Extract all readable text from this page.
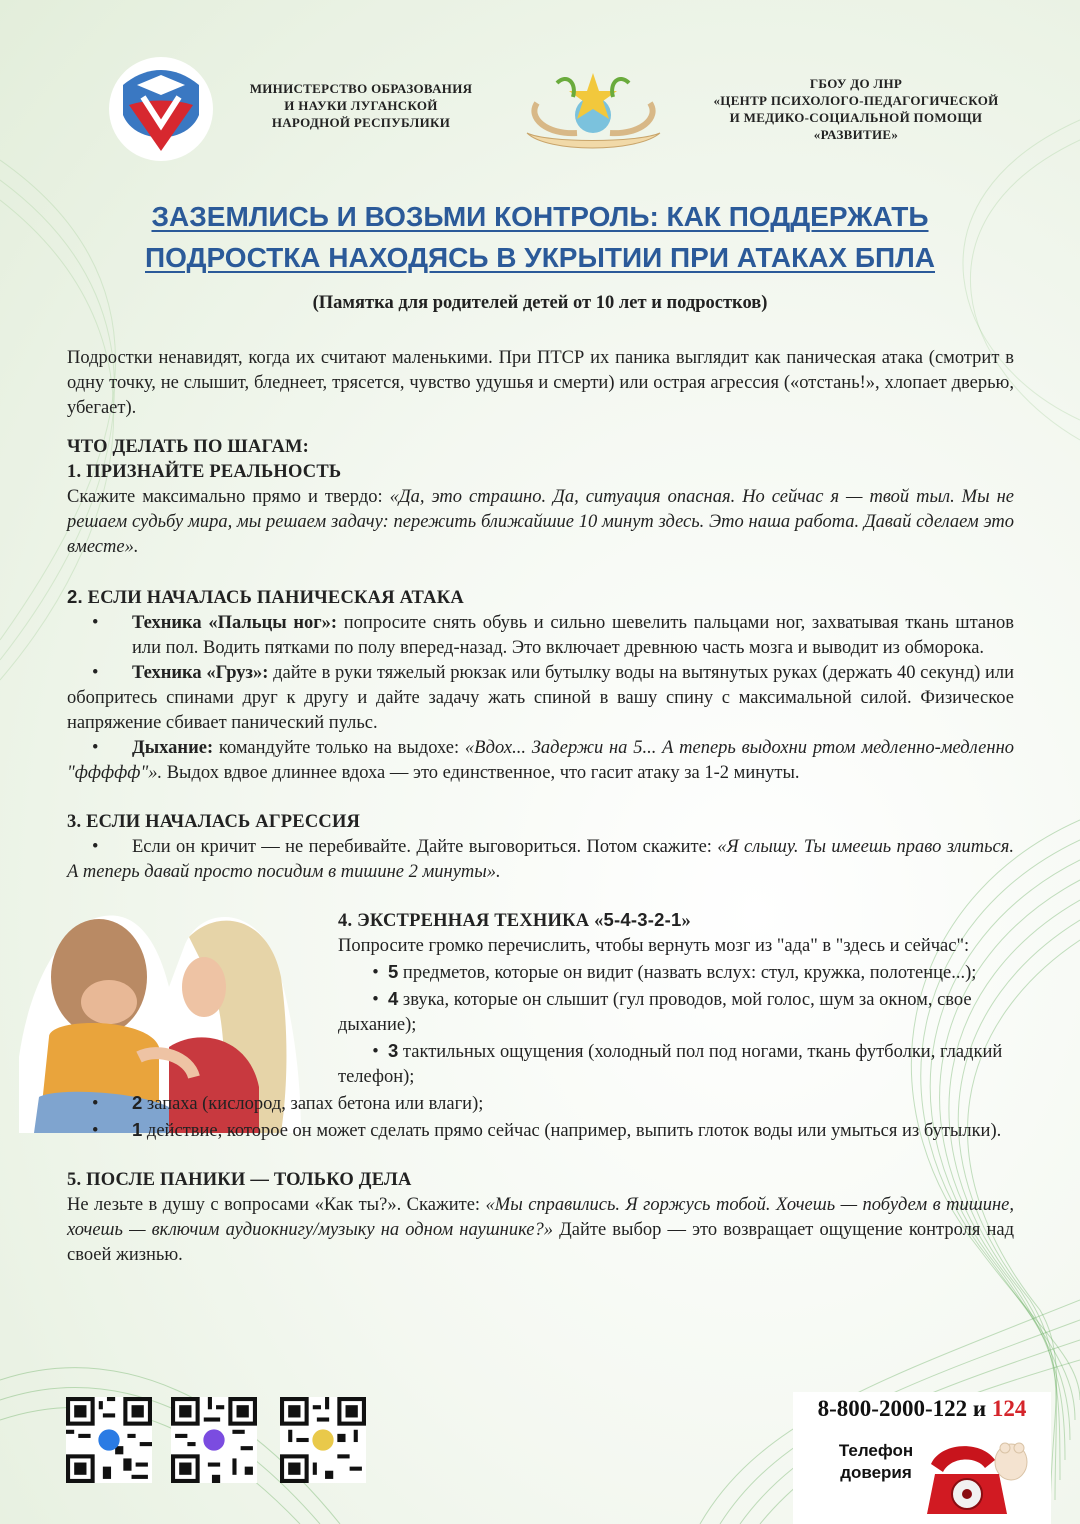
МИНИСТЕРСТВО ОБРАЗОВАНИЯ
И НАУКИ ЛУГАНСКОЙ
НАРОДНОЙ РЕСПУБЛИКИ
ГБОУ ДО ЛНР
«ЦЕНТР ПСИХОЛОГО-ПЕДАГОГИЧЕСКОЙ
И МЕДИКО-СОЦИАЛЬНОЙ ПОМОЩИ
«РАЗВИТИЕ»
ЗАЗЕМЛИСЬ И ВОЗЬМИ КОНТРОЛЬ: КАК ПОДДЕРЖАТЬ
ПОДРОСТКА НАХОДЯСЬ В УКРЫТИИ ПРИ АТАКАХ БПЛА
(Памятка для родителей детей от 10 лет и подростков)

Подростки ненавидят, когда их считают маленькими. При ПТСР их паника выглядит как паническая атака (смотрит в одну точку, не слышит, бледнеет, трясется, чувство удушья и смерти) или острая агрессия («отстань!», хлопает дверью, убегает).

ЧТО ДЕЛАТЬ ПО ШАГАМ:

1. ПРИЗНАЙТЕ РЕАЛЬНОСТЬ

Скажите максимально прямо и твердо: «Да, это страшно. Да, ситуация опасная. Но сейчас я — твой тыл. Мы не решаем судьбу мира, мы решаем задачу: пережить ближайшие 10 минут здесь. Это наша работа. Давай сделаем это вместе».

2. ЕСЛИ НАЧАЛАСЬ ПАНИЧЕСКАЯ АТАКА

• Техника «Пальцы ног»: попросите снять обувь и сильно шевелить пальцами ног, захватывая ткань штанов или пол. Водить пятками по полу вперед-назад. Это включает древнюю часть мозга и выводит из обморока.
• Техника «Груз»: дайте в руки тяжелый рюкзак или бутылку воды на вытянутых руках (держать 40 секунд) или обопритесь спинами друг к другу и дайте задачу жать спиной в вашу спину с максимальной силой. Физическое напряжение сбивает панический пульс.
• Дыхание: командуйте только на выдохе: «Вдох... Задержи на 5... А теперь выдохни ртом медленно-медленно "ффффф"». Выдох вдвое длиннее вдоха — это единственное, что гасит атаку за 1-2 минуты.

3. ЕСЛИ НАЧАЛАСЬ АГРЕССИЯ

• Если он кричит — не перебивайте. Дайте выговориться. Потом скажите: «Я слышу. Ты имеешь право злиться. А теперь давай просто посидим в тишине 2 минуты».

4. ЭКСТРЕННАЯ ТЕХНИКА «5-4-3-2-1»

Попросите громко перечислить, чтобы вернуть мозг из "ада" в "здесь и сейчас":

• 5 предметов, которые он видит (назвать вслух: стул, кружка, полотенце...);
• 4 звука, которые он слышит (гул проводов, мой голос, шум за окном, свое дыхание);
• 3 тактильных ощущения (холодный пол под ногами, ткань футболки, гладкий телефон);
• 2 запаха (кислород, запах бетона или влаги);
• 1 действие, которое он может сделать прямо сейчас (например, выпить глоток воды или умыться из бутылки).

5. ПОСЛЕ ПАНИКИ — ТОЛЬКО ДЕЛА

Не лезьте в душу с вопросами «Как ты?». Скажите: «Мы справились. Я горжусь тобой. Хочешь — побудем в тишине, хочешь — включим аудиокнигу/музыку на одном наушнике?» Дайте выбор — это возвращает ощущение контроля над своей жизнью.

8-800-2000-122 и 124
Телефон
доверия
